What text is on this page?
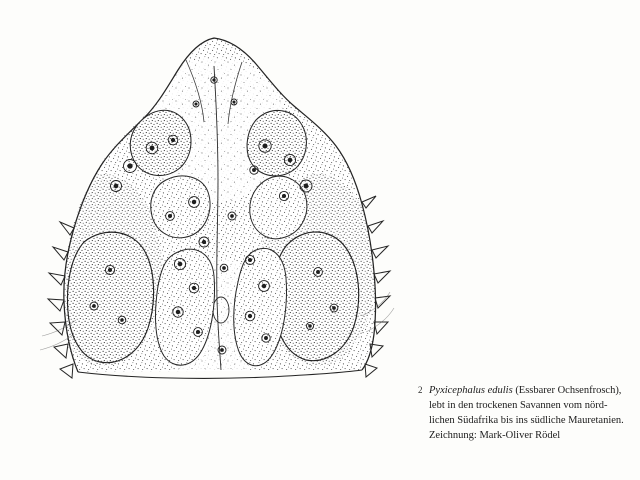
2 Pyxicephalus edulis (Essbarer Ochsenfrosch),
lebt in den trockenen Savannen vom nörd-
lichen Südafrika bis ins südliche Mauretanien.
Zeichnung: Mark-Oliver Rödel
